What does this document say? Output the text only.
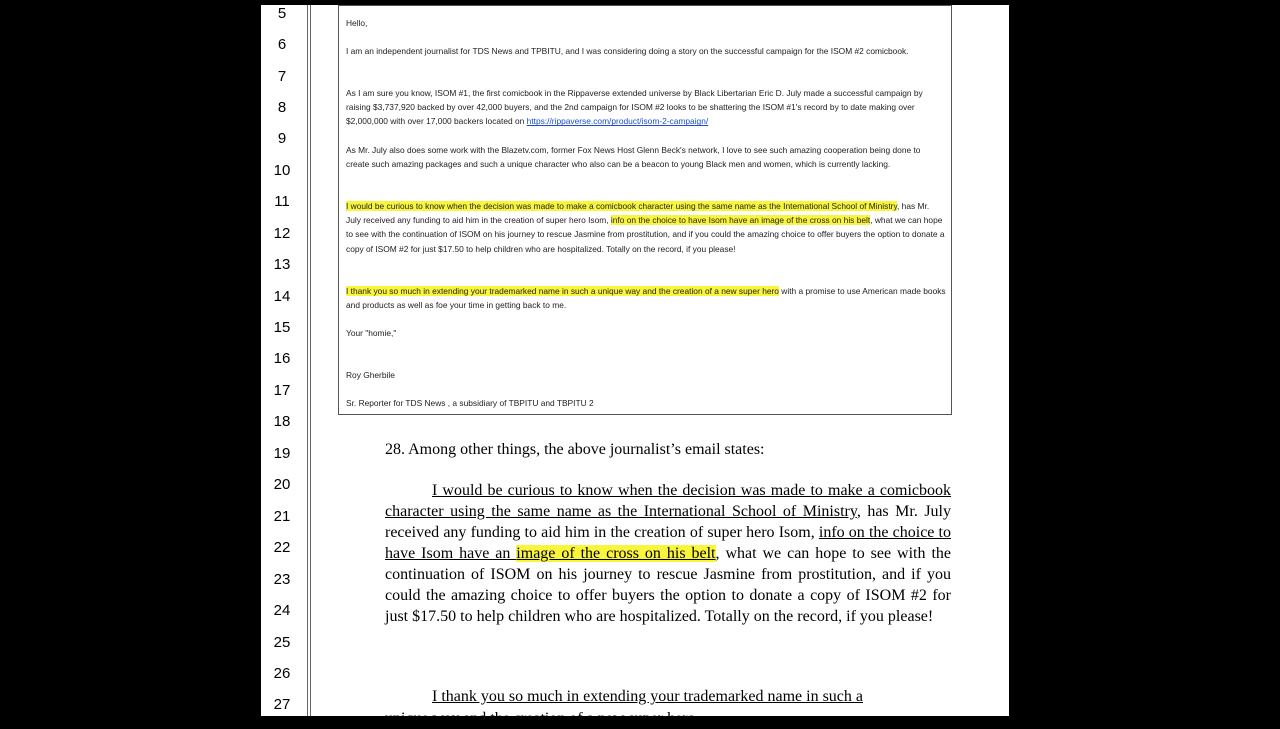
5
6
7
8
9
10
11
12
13
14
15
16
17
18
19
20
21
22
23
24
25
26
27

Hello,

I am an independent journalist for TDS News and TPBITU, and I was considering doing a story on the successful campaign for the ISOM #2 comicbook.

As I am sure you know, ISOM #1, the first comicbook in the Rippaverse extended universe by Black Libertarian Eric D. July made a successful campaign by raising $3,737,920 backed by over 42,000 buyers, and the 2nd campaign for ISOM #2 looks to be shattering the ISOM #1's record by to date making over $2,000,000 with over 17,000 backers located on https://rippaverse.com/product/isom-2-campaign/

As Mr. July also does some work with the Blazetv.com, former Fox News Host Glenn Beck's network, I love to see such amazing cooperation being done to create such amazing packages and such a unique character who also can be a beacon to young Black men and women, which is currently lacking.

I would be curious to know when the decision was made to make a comicbook character using the same name as the International School of Ministry, has Mr. July received any funding to aid him in the creation of super hero Isom, info on the choice to have Isom have an image of the cross on his belt, what we can hope to see with the continuation of ISOM on his journey to rescue Jasmine from prostitution, and if you could the amazing choice to offer buyers the option to donate a copy of ISOM #2 for just $17.50 to help children who are hospitalized. Totally on the record, if you please!

I thank you so much in extending your trademarked name in such a unique way and the creation of a new super hero with a promise to use American made books and products as well as foe your time in getting back to me.

Your "homie,"

Roy Gherbile

Sr. Reporter for TDS News , a subsidiary of TBPITU and TBPITU 2

28. Among other things, the above journalist’s email states:

I would be curious to know when the decision was made to make a comicbook character using the same name as the International School of Ministry, has Mr. July received any funding to aid him in the creation of super hero Isom, info on the choice to have Isom have an image of the cross on his belt, what we can hope to see with the continuation of ISOM on his journey to rescue Jasmine from prostitution, and if you could the amazing choice to offer buyers the option to donate a copy of ISOM #2 for just $17.50 to help children who are hospitalized. Totally on the record, if you please!

I thank you so much in extending your trademarked name in such a

unique way and the creation of a new super hero
